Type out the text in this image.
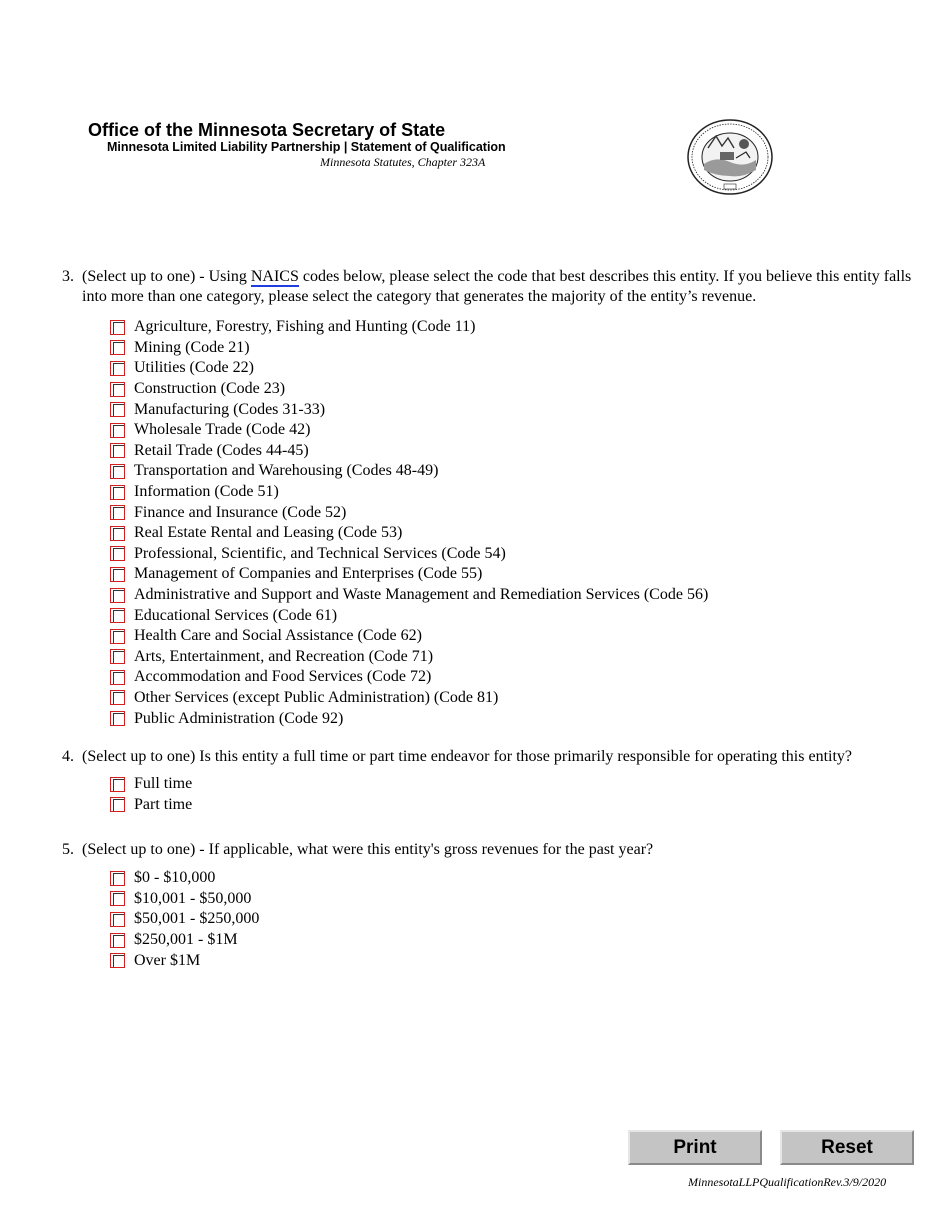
Office of the Minnesota Secretary of State
Minnesota Limited Liability Partnership | Statement of Qualification
Minnesota Statutes, Chapter 323A
3. (Select up to one) - Using NAICS codes below, please select the code that best describes this entity. If you believe this entity falls into more than one category, please select the category that generates the majority of the entity’s revenue.
Agriculture, Forestry, Fishing and Hunting (Code 11)
Mining (Code 21)
Utilities (Code 22)
Construction (Code 23)
Manufacturing (Codes 31-33)
Wholesale Trade (Code 42)
Retail Trade (Codes 44-45)
Transportation and Warehousing (Codes 48-49)
Information (Code 51)
Finance and Insurance (Code 52)
Real Estate Rental and Leasing (Code 53)
Professional, Scientific, and Technical Services (Code 54)
Management of Companies and Enterprises (Code 55)
Administrative and Support and Waste Management and Remediation Services (Code 56)
Educational Services (Code 61)
Health Care and Social Assistance (Code 62)
Arts, Entertainment, and Recreation (Code 71)
Accommodation and Food Services (Code 72)
Other Services (except Public Administration) (Code 81)
Public Administration (Code 92)
4. (Select up to one) Is this entity a full time or part time endeavor for those primarily responsible for operating this entity?
Full time
Part time
5. (Select up to one) - If applicable, what were this entity's gross revenues for the past year?
$0 - $10,000
$10,001 - $50,000
$50,001 - $250,000
$250,001 - $1M
Over $1M
Print	Reset
MinnesotaLLPQualificationRev.3/9/2020
